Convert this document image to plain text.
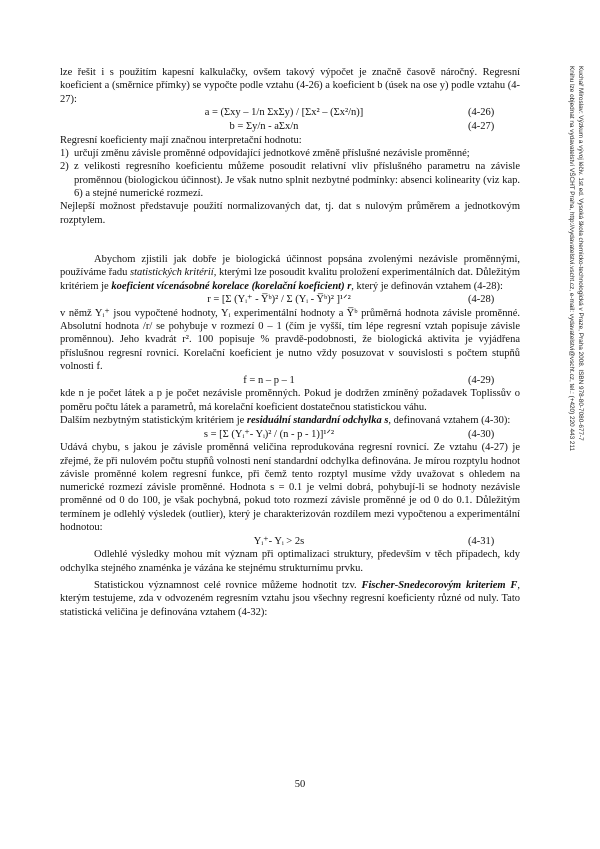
lze řešit i s použitím kapesní kalkulačky, ovšem takový výpočet je značně časově náročný. Regresní koeficient a (směrnice přímky) se vypočte podle vztahu (4-26) a koeficient b (úsek na ose y) podle vztahu (4-27):

a = (Σxy – 1/n ΣxΣy) / [Σx² – (Σx²/n)]	(4-26)
b = Σy/n - aΣx/n	(4-27)

Regresní koeficienty mají značnou interpretační hodnotu:

1) určují změnu závisle proměnné odpovídající jednotkové změně příslušné nezávisle proměnné;
2) z velikosti regresního koeficientu můžeme posoudit relativní vliv příslušného parametru na závisle proměnnou (biologickou účinnost). Je však nutno splnit nezbytné podmínky: absenci kolinearity (viz kap. 6) a stejné numerické rozmezí.

Nejlepší možnost představuje použití normalizovaných dat, tj. dat s nulovým průměrem a jednotkovým rozptylem.

Abychom zjistili jak dobře je biologická účinnost popsána zvolenými nezávisle proměnnými, používáme řadu statistických kritérií, kterými lze posoudit kvalitu proložení experimentálních dat. Důležitým kritériem je koeficient vícenásobné korelace (korelační koeficient) r, který je definován vztahem (4-28):

r = [Σ (Yᵢ⁺ - Y̅ᵇ)² / Σ (Yᵢ - Y̅ᵇ)² ]¹ᐟ²	(4-28)

v němž Yᵢ⁺ jsou vypočtené hodnoty, Yᵢ experimentální hodnoty a Y̅ᵇ průměrná hodnota závisle proměnné. Absolutní hodnota /r/ se pohybuje v rozmezí 0 – 1 (čím je vyšší, tím lépe regresní vztah popisuje závisle proměnnou). Jeho kvadrát r². 100 popisuje % pravdě-podobnosti, že biologická aktivita je vyjádřena příslušnou regresní rovnicí. Korelační koeficient je nutno vždy posuzovat v souvislosti s počtem stupňů volnosti f.

f = n – p – 1	(4-29)

kde n je počet látek a p je počet nezávisle proměnných. Pokud je dodržen zmíněný požadavek Toplissův o poměru počtu látek a parametrů, má korelační koeficient dostatečnou statistickou váhu.

Dalším nezbytným statistickým kritériem je residuální standardní odchylka s, definovaná vztahem (4-30):

s = [Σ (Yᵢ⁺- Yᵢ)² / (n - p - 1)]¹ᐟ²	(4-30)

Udává chybu, s jakou je závisle proměnná veličina reprodukována regresní rovnicí. Ze vztahu (4-27) je zřejmé, že při nulovém počtu stupňů volnosti není standardní odchylka definována. Je mírou rozptylu hodnot závisle proměnné kolem regresní funkce, při čemž tento rozptyl musíme vždy uvažovat s ohledem na numerické rozmezí závisle proměnné. Hodnota s = 0.1 je velmi dobrá, pohybují-li se hodnoty nezávisle proměnné od 0 do 100, je však pochybná, pokud toto rozmezí závisle proměnné je od 0 do 0.1. Důležitým termínem je odlehlý výsledek (outlier), který je charakterizován rozdílem mezi vypočtenou a experimentální hodnotou:

Yᵢ⁺- Yᵢ > 2s	(4-31)

Odlehlé výsledky mohou mít význam při optimalizaci struktury, především v těch případech, kdy odchylka stejného znaménka je vázána ke stejnému strukturnímu prvku.

Statistickou významnost celé rovnice můžeme hodnotit tzv. Fischer-Snedecorovým kriteriem F, kterým testujeme, zda v odvozeném regresním vztahu jsou všechny regresní koeficienty různé od nuly. Tato statistická veličina je definována vztahem (4-32):

50
Kuchař Miroslav: Výzkum a vývoj léčiv. 1st ed. Vysoká škola chemicko-technologická v Praze, Praha 2008. ISBN 978-80-7080-677-7
Knihu lze objednat na vydavatelství VŠCHT Praha, http://vydavatelstvi.vscht.cz, e-mail: vydavatelstvi@vscht.cz, tel.: (+420) 220 443 211
